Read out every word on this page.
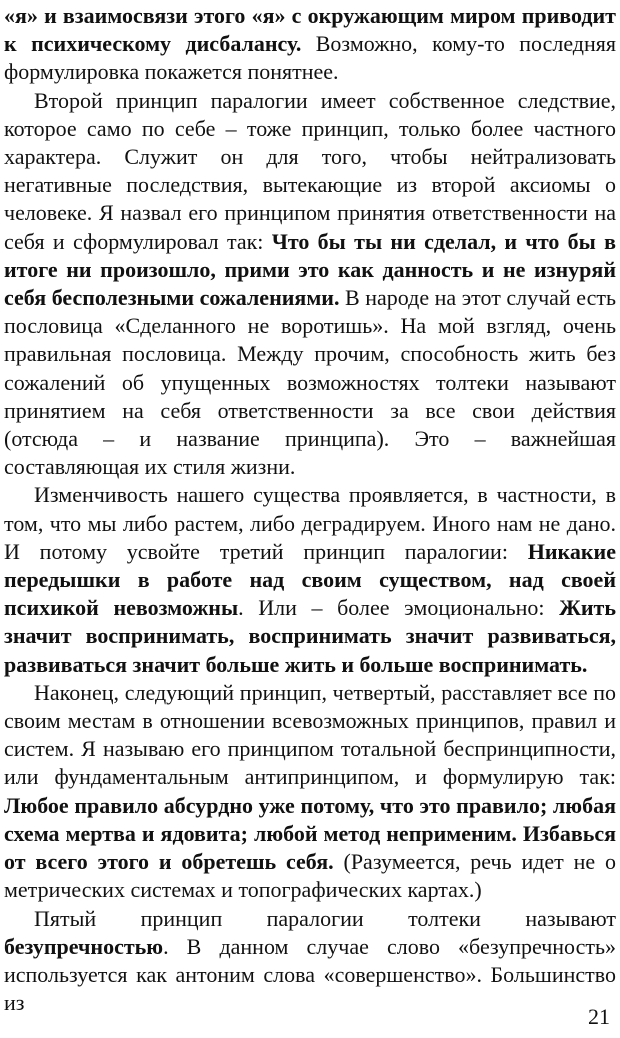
«я» и взаимосвязи этого «я» с окружающим миром приводит к психическому дисбалансу. Возможно, кому-то последняя формулировка покажется понятнее.

Второй принцип паралогии имеет собственное следствие, которое само по себе – тоже принцип, только более частного характера. Служит он для того, чтобы нейтрализовать негативные последствия, вытекающие из второй аксиомы о человеке. Я назвал его принципом принятия ответственности на себя и сформулировал так: Что бы ты ни сделал, и что бы в итоге ни произошло, прими это как данность и не изнуряй себя бесполезными сожалениями. В народе на этот случай есть пословица «Сделанного не воротишь». На мой взгляд, очень правильная пословица. Между прочим, способность жить без сожалений об упущенных возможностях толтеки называют принятием на себя ответственности за все свои действия (отсюда – и название принципа). Это – важнейшая составляющая их стиля жизни.

Изменчивость нашего существа проявляется, в частности, в том, что мы либо растем, либо деградируем. Иного нам не дано. И потому усвойте третий принцип паралогии: Никакие передышки в работе над своим существом, над своей психикой невозможны. Или – более эмоционально: Жить значит воспринимать, воспринимать значит развиваться, развиваться значит больше жить и больше воспринимать.

Наконец, следующий принцип, четвертый, расставляет все по своим местам в отношении всевозможных принципов, правил и систем. Я называю его принципом тотальной беспринципности, или фундаментальным антипринципом, и формулирую так: Любое правило абсурдно уже потому, что это правило; любая схема мертва и ядовита; любой метод неприменим. Избавься от всего этого и обретешь себя. (Разумеется, речь идет не о метрических системах и топографических картах.)

Пятый принцип паралогии толтеки называют безупречностью. В данном случае слово «безупречность» используется как антоним слова «совершенство». Большинство из

21
